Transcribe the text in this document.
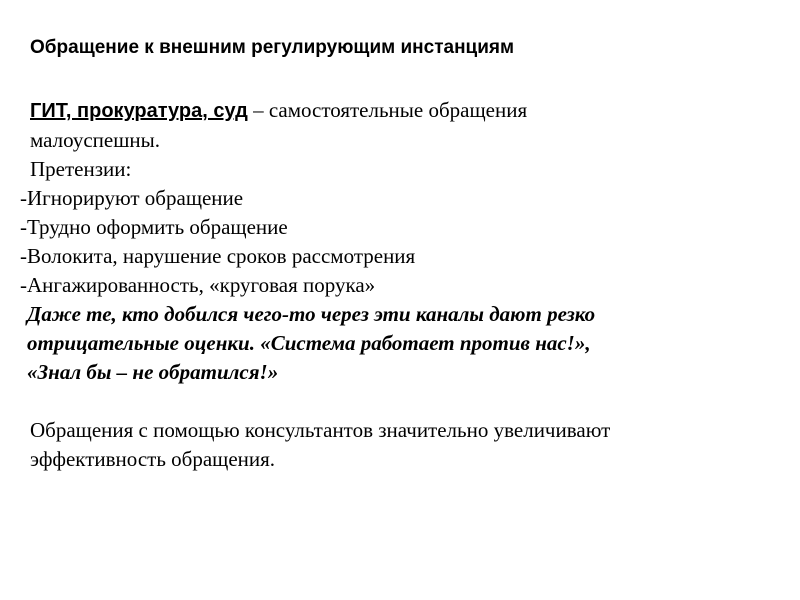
Обращение к внешним регулирующим инстанциям

ГИТ, прокуратура, суд – самостоятельные обращения
малоуспешны.

Претензии:

-Игнорируют обращение
-Трудно оформить обращение
-Волокита, нарушение сроков рассмотрения
-Ангажированность, «круговая порука»
Даже те, кто добился чего-то через эти каналы дают резко
отрицательные оценки. «Система работает против нас!»,
«Знал бы – не обратился!»
Обращения с помощью консультантов значительно увеличивают
эффективность обращения.
